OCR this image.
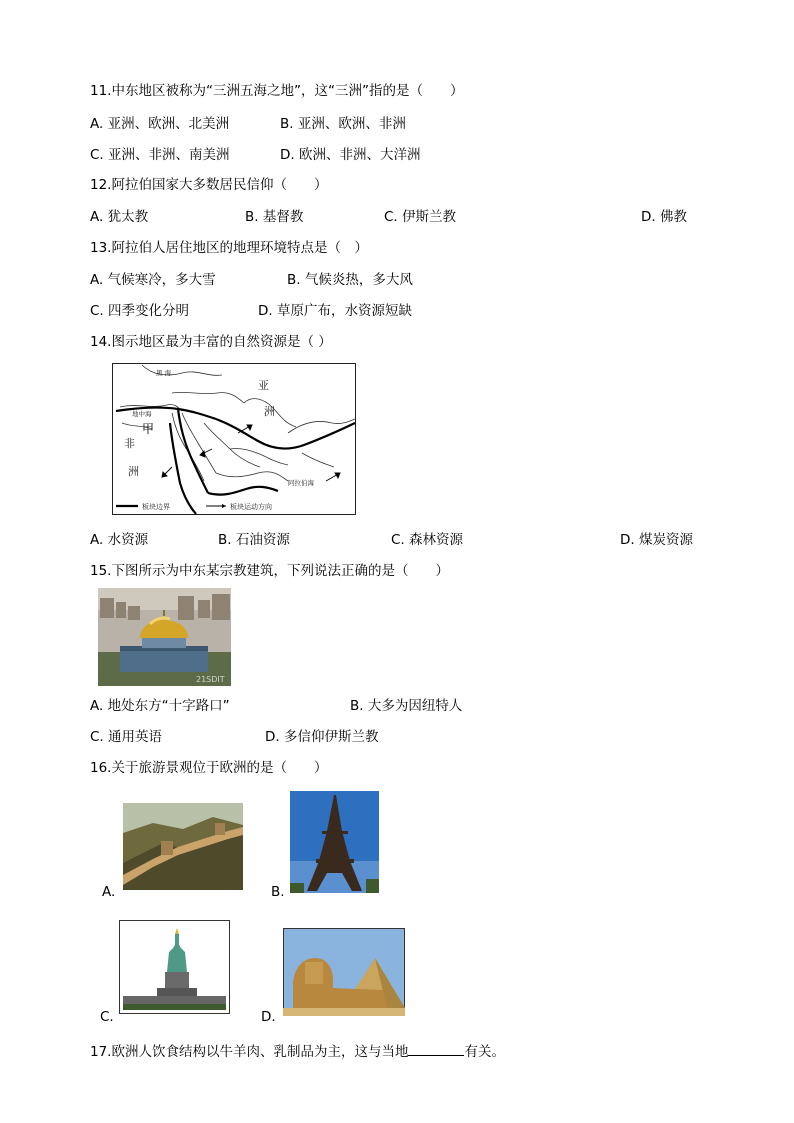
11.中东地区被称为“三洲五海之地”，这“三洲”指的是（　　）
A. 亚洲、欧洲、北美洲	B. 亚洲、欧洲、非洲
C. 亚洲、非洲、南美洲	D. 欧洲、非洲、大洋洲
12.阿拉伯国家大多数居民信仰（　　）
A. 犹太教	B. 基督教	C. 伊斯兰教	D. 佛教
13.阿拉伯人居住地区的地理环境特点是（　）
A. 气候寒冷，多大雪	B. 气候炎热，多大风
C. 四季变化分明	D. 草原广布，水资源短缺
14.图示地区最为丰富的自然资源是（ ）
黑 海
亚
洲
地中海
甲
非
洲
阿拉伯海
板块边界	板块运动方向
A. 水资源	B. 石油资源	C. 森林资源	D. 煤炭资源
15.下图所示为中东某宗教建筑，下列说法正确的是（　　）
21SDIT
A. 地处东方“十字路口”	B. 大多为因纽特人
C. 通用英语	D. 多信仰伊斯兰教
16.关于旅游景观位于欧洲的是（　　）
A.	B.
C.	D.
17.欧洲人饮食结构以牛羊肉、乳制品为主，这与当地	有关。
